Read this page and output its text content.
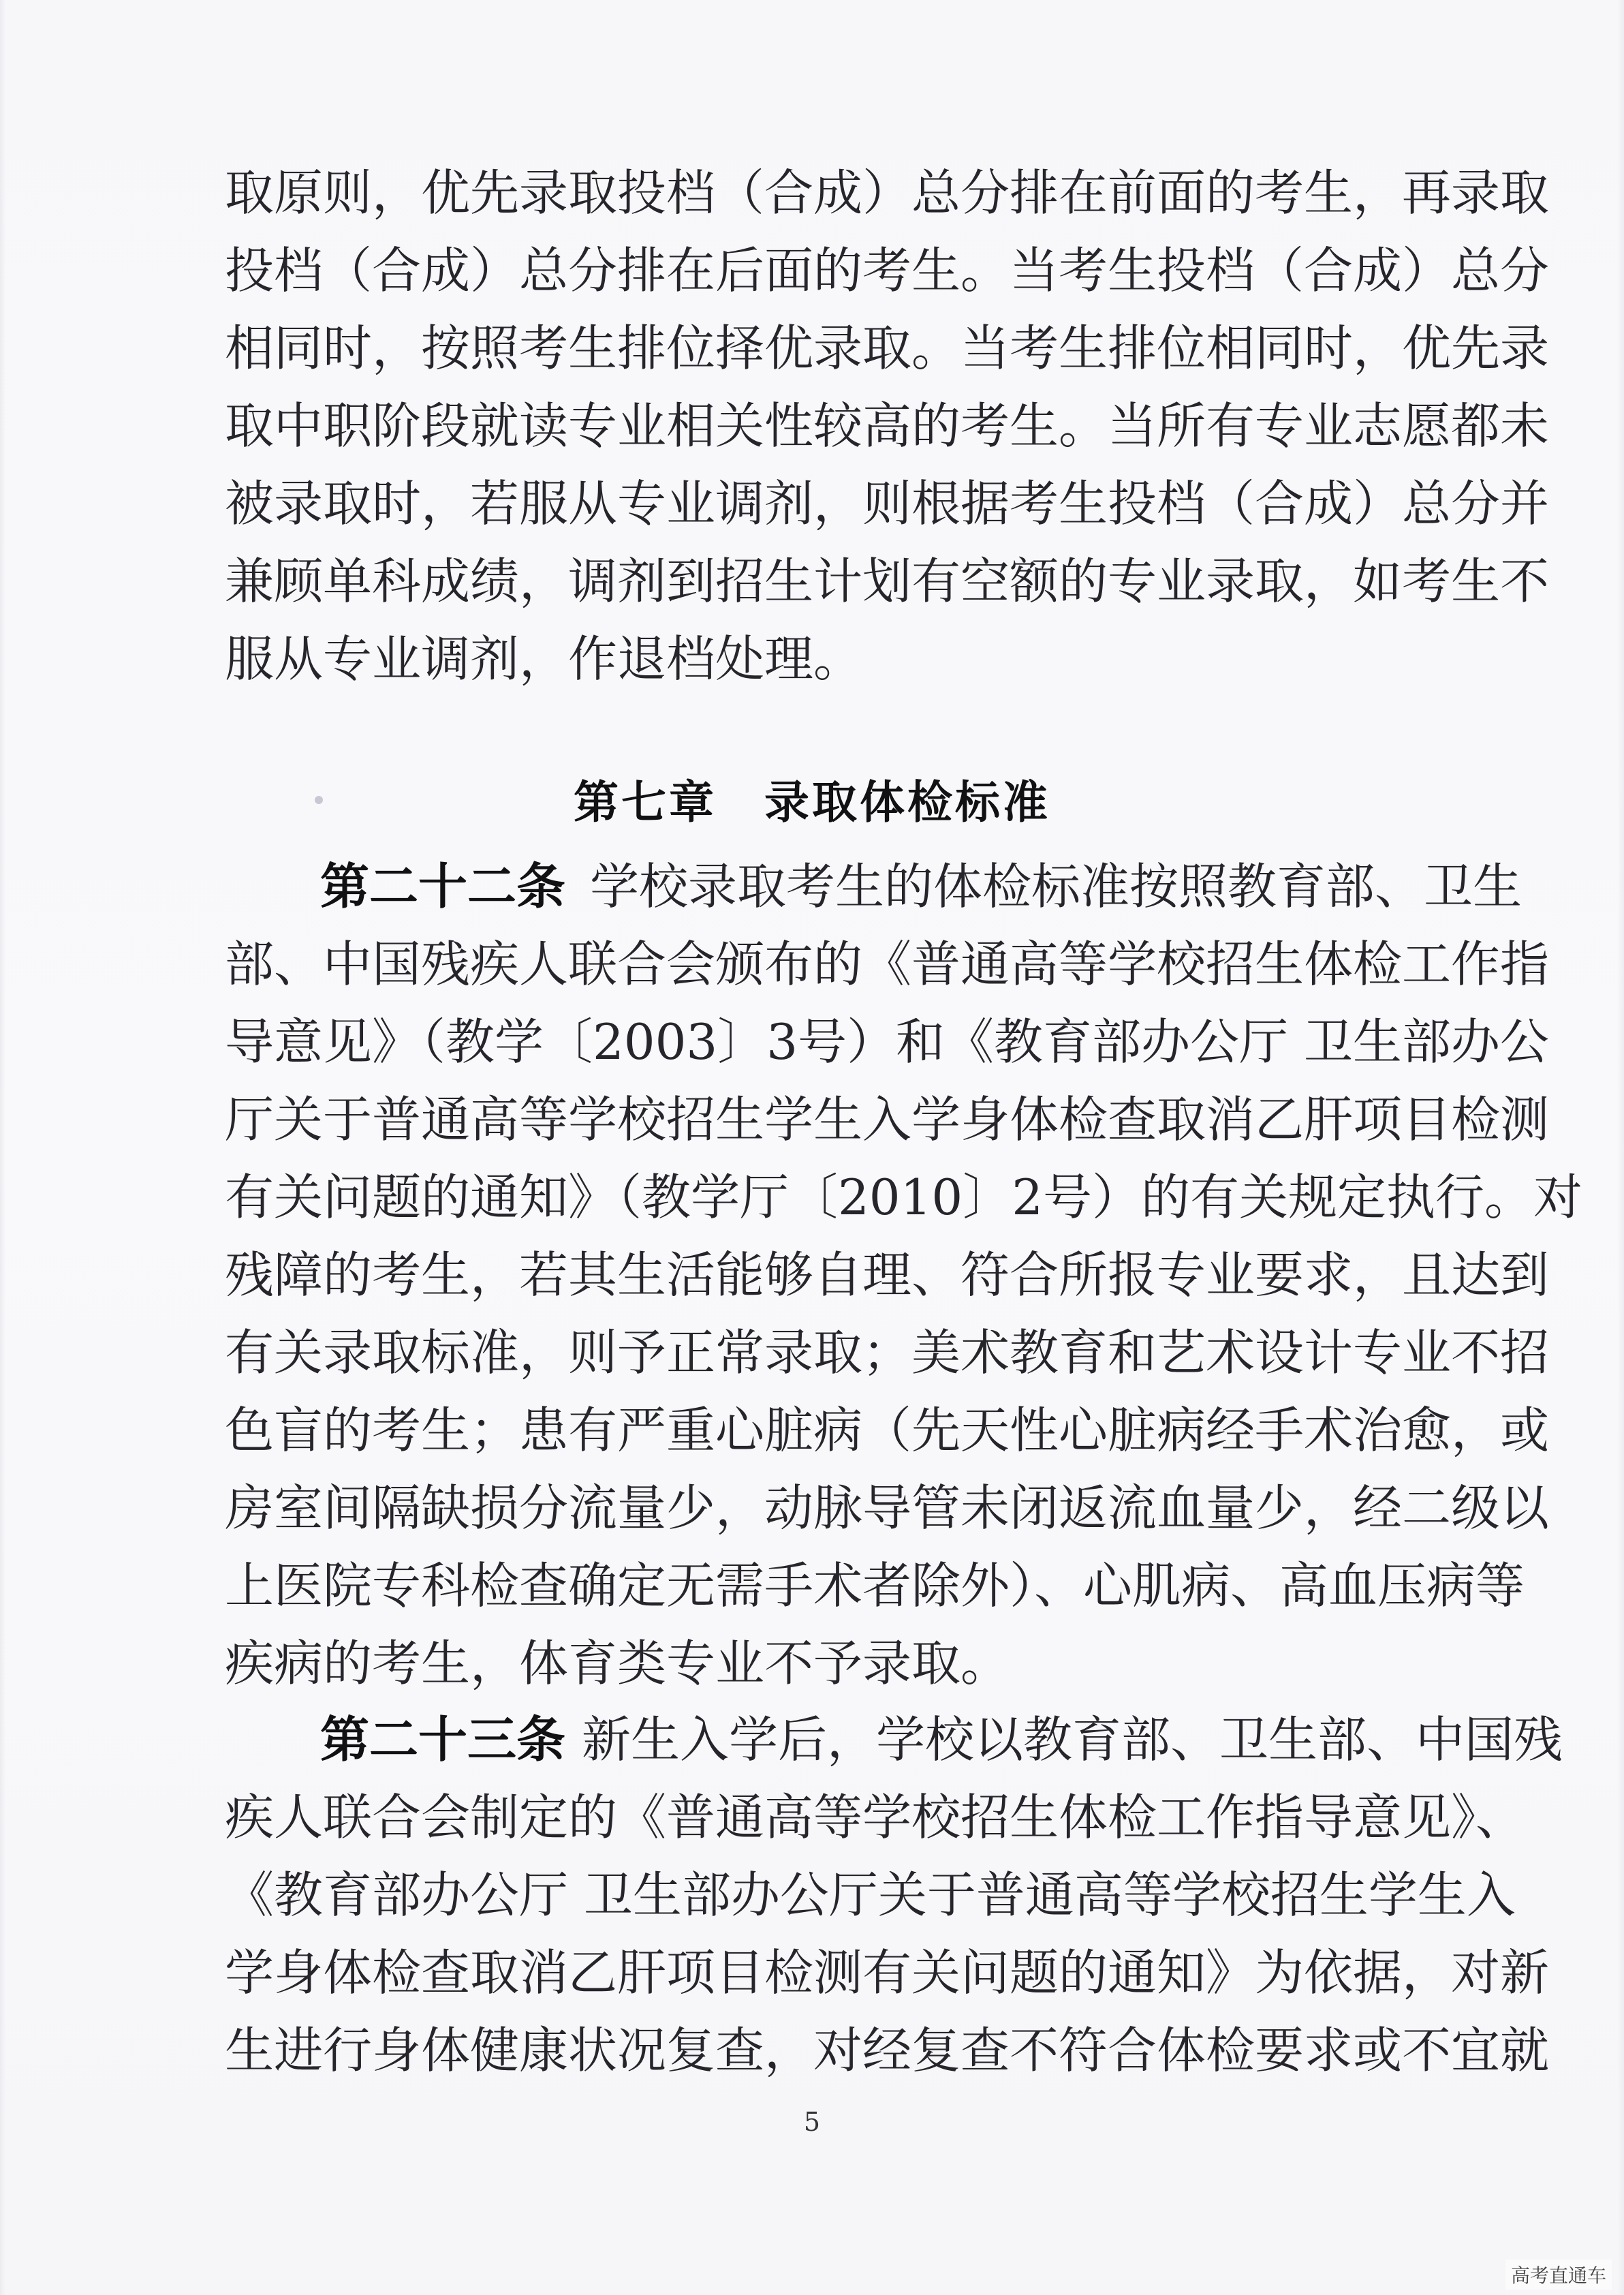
取原则，优先录取投档（合成）总分排在前面的考生，再录取
投档（合成）总分排在后面的考生。当考生投档（合成）总分
相同时，按照考生排位择优录取。当考生排位相同时，优先录
取中职阶段就读专业相关性较高的考生。当所有专业志愿都未
被录取时，若服从专业调剂，则根据考生投档（合成）总分并
兼顾单科成绩，调剂到招生计划有空额的专业录取，如考生不
服从专业调剂，作退档处理。
第七章　录取体检标准
第二十二条 学校录取考生的体检标准按照教育部、卫生
部、中国残疾人联合会颁布的《普通高等学校招生体检工作指
导意见》（教学〔2003〕3号）和《教育部办公厅 卫生部办公
厅关于普通高等学校招生学生入学身体检查取消乙肝项目检测
有关问题的通知》（教学厅〔2010〕2号）的有关规定执行。对
残障的考生，若其生活能够自理、符合所报专业要求，且达到
有关录取标准，则予正常录取；美术教育和艺术设计专业不招
色盲的考生；患有严重心脏病（先天性心脏病经手术治愈，或
房室间隔缺损分流量少，动脉导管未闭返流血量少，经二级以
上医院专科检查确定无需手术者除外）、心肌病、高血压病等
疾病的考生，体育类专业不予录取。
第二十三条 新生入学后，学校以教育部、卫生部、中国残
疾人联合会制定的《普通高等学校招生体检工作指导意见》、
《教育部办公厅 卫生部办公厅关于普通高等学校招生学生入
学身体检查取消乙肝项目检测有关问题的通知》为依据，对新
生进行身体健康状况复查，对经复查不符合体检要求或不宜就
5
高考直通车
